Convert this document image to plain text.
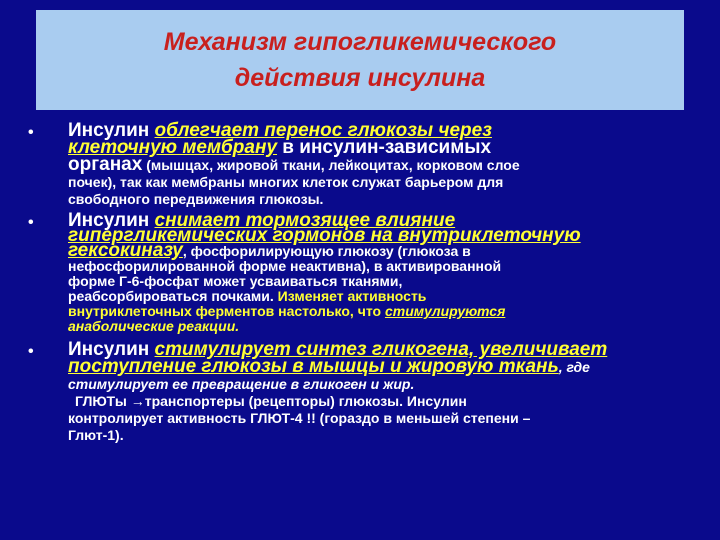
Механизм гипогликемического
действия инсулина
• Инсулин облегчает перенос глюкозы через
клеточную мембрану в инсулин-зависимых
органах (мышцах, жировой ткани, лейкоцитах, корковом слое
почек), так как мембраны многих клеток служат барьером для
свободного передвижения глюкозы.
• Инсулин снимает тормозящее влияние
гипергликемических гормонов на внутриклеточную
гексокиназу, фосфорилирующую глюкозу (глюкоза в
нефосфорилированной форме неактивна), в активированной
форме Г-6-фосфат может усваиваться тканями,
реабсорбироваться почками. Изменяет активность
внутриклеточных ферментов настолько, что стимулируются
анаболические реакции.
• Инсулин стимулирует синтез гликогена, увеличивает
поступление глюкозы в мышцы и жировую ткань, где
стимулирует ее превращение в гликоген и жир.
ГЛЮТы →транспортеры (рецепторы) глюкозы. Инсулин
контролирует активность ГЛЮТ-4 !! (гораздо в меньшей степени –
Глют-1).
